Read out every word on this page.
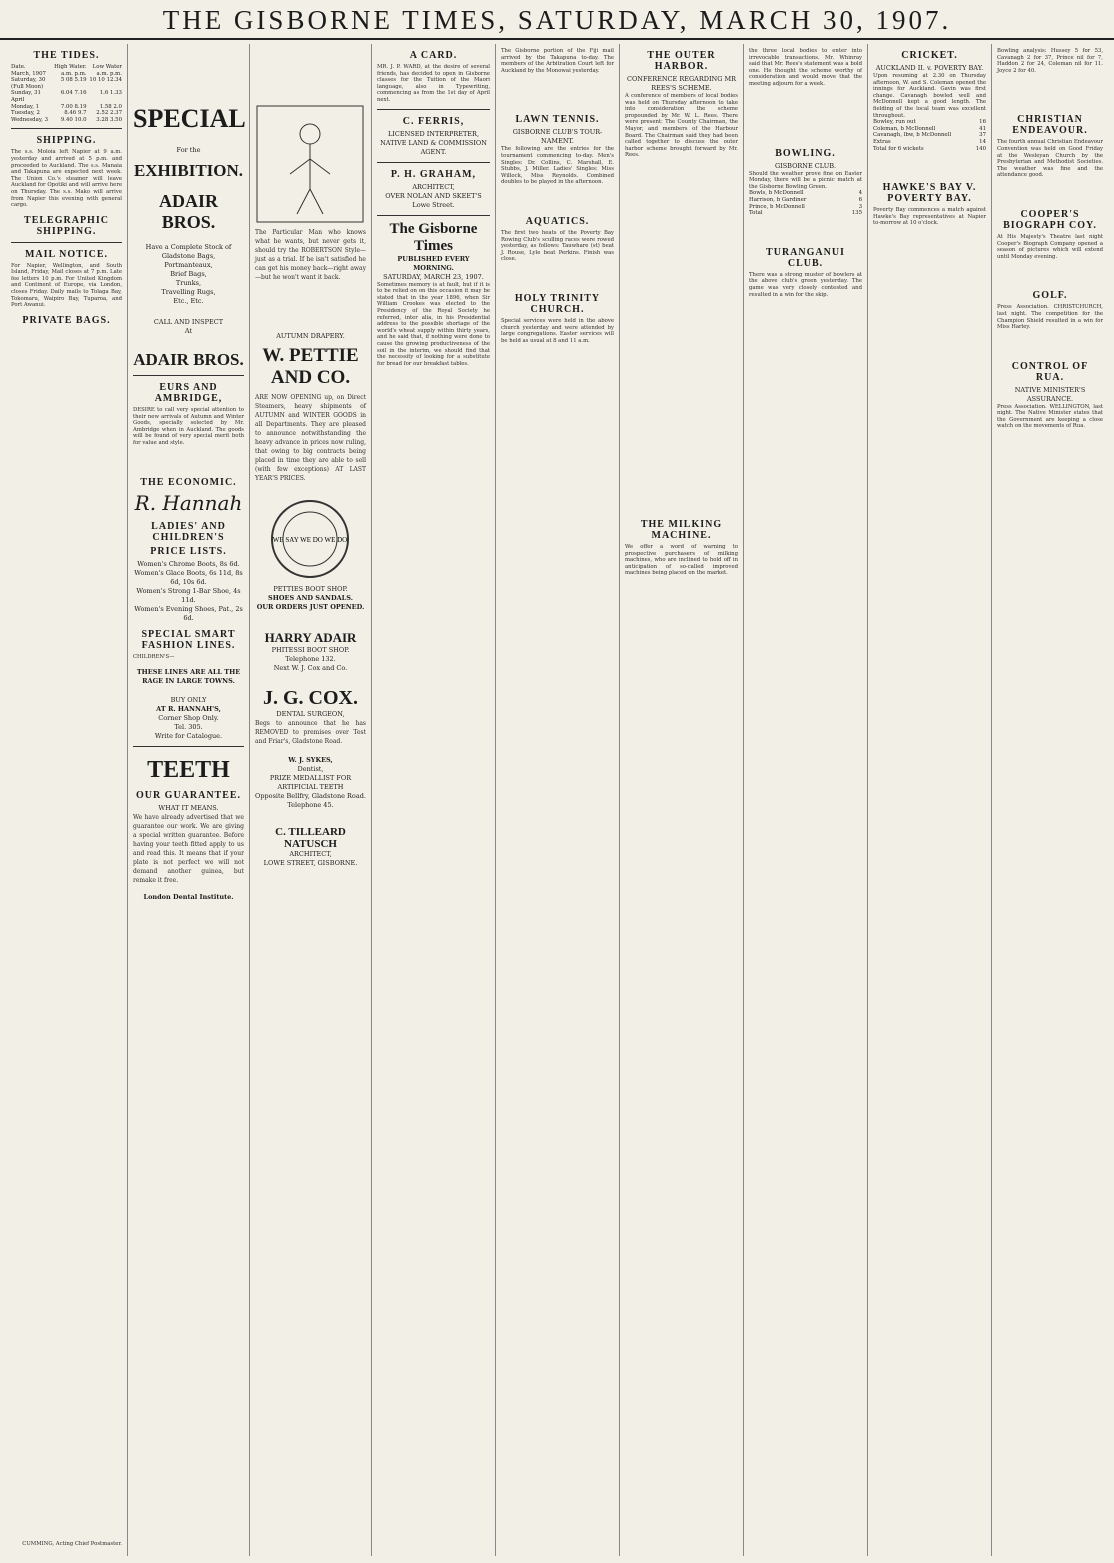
THE GISBORNE TIMES, SATURDAY, MARCH 30, 1907.
THE TIDES.
Date.	High Water.	Low Water
March, 1907	a.m. p.m.	a.m. p.m.
Saturday, 30	5 08 5.19	10 10 12.34
(Full Moon)		
Sunday, 31	6.04 7.16	1.6 1.33
April		
Monday, 1	7.00 8.19	1.58 2.0
Tuesday, 2	8.46 9.7	2.52 2.37
Wednesday, 3	9.40 10.0	3.28 3.50
SHIPPING.
The s.s. Moloia left Napier at 9 a.m. yesterday and arrived at 5 p.m. and proceeded to Auckland. The s.s. Manaia and Takapuna are expected next week. The Union Co.'s steamer will leave Auckland for Opotiki and will arrive here on Thursday. The s.s. Mako will arrive from Napier this evening with general cargo.
TELEGRAPHIC SHIPPING.
MAIL NOTICE.
For Napier, Wellington, and South Island, Friday, Mail closes at 7 p.m. Late fee letters 10 p.m. For United Kingdom and Continent of Europe, via London, closes Friday. Daily mails to Tolaga Bay, Tokomaru, Waipiro Bay, Tuparoa, and Port Awanui.
PRIVATE BAGS.
CUMMING, Acting Chief Postmaster.
SPECIAL
For the
EXHIBITION.
ADAIR BROS.
Have a Complete Stock of
Gladstone Bags,
Portmanteaux,
Brief Bags,
Trunks,
Travelling Rugs,
Etc., Etc.
CALL AND INSPECT
At
ADAIR BROS.
EURS AND AMBRIDGE,
DESIRE to call very special attention to their new arrivals of Autumn and Winter Goods, specially selected by Mr. Ambridge when in Auckland. The goods will be found of very special merit both for value and style.
THE ECONOMIC.
R. Hannah
LADIES' AND CHILDREN'S
PRICE LISTS.
Women's Chrome Boots, 8s 6d.
Women's Glace Boots, 6s 11d, 8s 6d, 10s 6d.
Women's Strong 1-Bar Shoe, 4s 11d.
Women's Evening Shoes, Pat., 2s 6d.
SPECIAL SMART FASHION LINES.
CHILDREN'S—
THESE LINES ARE ALL THE RAGE IN LARGE TOWNS.
BUY ONLY
AT R. HANNAH'S,
Corner Shop Only.
Tel. 305.
Write for Catalogue.
TEETH
OUR GUARANTEE.
WHAT IT MEANS.
We have already advertised that we guarantee our work. We are giving a special written guarantee. Before having your teeth fitted apply to us and read this. It means that if your plate is not perfect we will not demand another guinea, but remake it free.
London Dental Institute.
The Particular Man who knows what he wants, but never gets it, should try the ROBERTSON Style—just as a trial. If he isn't satisfied he can get his money back—right away—but he won't want it back.
AUTUMN DRAPERY.
W. PETTIE AND CO.
ARE NOW OPENING up, on Direct Steamers, heavy shipments of AUTUMN and WINTER GOODS in all Departments. They are pleased to announce notwithstanding the heavy advance in prices now ruling, that owing to big contracts being placed in time they are able to sell (with few exceptions) AT LAST YEAR'S PRICES.
WE SAY WE DO WE DO
PETTIES BOOT SHOP.
SHOES AND SANDALS.
OUR ORDERS JUST OPENED.
HARRY ADAIR
PHITESSI BOOT SHOP.
Telephone 132.
Next W. J. Cox and Co.
J. G. COX.
DENTAL SURGEON,
Begs to announce that he has REMOVED to premises over Test and Friar's, Gladstone Road.
W. J. SYKES,
Dentist,
PRIZE MEDALLIST FOR ARTIFICIAL TEETH
Opposite Bellfry, Gladstone Road. Telephone 45.
C. TILLEARD NATUSCH
ARCHITECT,
LOWE STREET, GISBORNE.
A CARD.
MR. J. P. WARD, at the desire of several friends, has decided to open in Gisborne classes for the Tuition of the Maori language, also in Typewriting, commencing as from the 1st day of April next.
C. FERRIS,
LICENSED INTERPRETER,
NATIVE LAND & COMMISSION AGENT.
P. H. GRAHAM,
ARCHITECT,
OVER NOLAN AND SKEET'S
Lowe Street.
The Gisborne Times
PUBLISHED EVERY MORNING.
SATURDAY, MARCH 23, 1907.
Sometimes memory is at fault, but if it is to be relied on on this occasion it may be stated that in the year 1896, when Sir William Crookes was elected to the Presidency of the Royal Society he referred, inter alia, in his Presidential address to the possible shortage of the world's wheat supply within thirty years, and he said that, if nothing were done to cause the growing productiveness of the soil in the interim, we should find that the necessity of looking for a substitute for bread for our breakfast tables.
The Gisborne portion of the Fiji mail arrived by the Takapuna to-day. The members of the Arbitration Court left for Auckland by the Monowai yesterday.
LAWN TENNIS.
GISBORNE CLUB'S TOUR- NAMENT.
The following are the entries for the tournament commencing to-day. Men's Singles: Dr. Collins, C. Marshall, E. Stubbs, J. Miller. Ladies' Singles: Miss Willock, Miss Reynolds. Combined doubles to be played in the afternoon.
AQUATICS.
The first two heats of the Poverty Bay Rowing Club's sculling races were rowed yesterday, as follows: Tauwhare (st) beat J. Rouse, Lyle beat Perkins. Finish was close.
HOLY TRINITY CHURCH.
Special services were held in the above church yesterday and were attended by large congregations. Easter services will be held as usual at 8 and 11 a.m.
THE OUTER HARBOR.
CONFERENCE REGARDING MR REES'S SCHEME.
A conference of members of local bodies was held on Thursday afternoon to take into consideration the scheme propounded by Mr. W. L. Rees. There were present: The County Chairman, the Mayor, and members of the Harbour Board. The Chairman said they had been called together to discuss the outer harbor scheme brought forward by Mr. Rees.
THE MILKING MACHINE.
We offer a word of warning to prospective purchasers of milking machines, who are inclined to hold off in anticipation of so-called improved machines being placed on the market.
the three local bodies to enter into irrevocable transactions. Mr. Whinray said that Mr. Rees's statement was a bold one. He thought the scheme worthy of consideration and would move that the meeting adjourn for a week.
BOWLING.
GISBORNE CLUB.
Should the weather prove fine on Easter Monday, there will be a picnic match at the Gisborne Bowling Green.
Bowls, b McDonnell	4
Harrison, b Gardiner	6
Prince, b McDonnell	3
Total	135
TURANGANUI CLUB.
There was a strong muster of bowlers at the above club's green yesterday. The game was very closely contested and resulted in a win for the skip.
CRICKET.
AUCKLAND II. v. POVERTY BAY.
Upon resuming at 2.30 on Thursday afternoon, W. and S. Coleman opened the innings for Auckland. Gavin was first change. Cavanagh bowled well and McDonnell kept a good length. The fielding of the local team was excellent throughout.
Bowley, run out	16
Coleman, b McDonnell	41
Cavanagh, lbw, b McDonnell	37
Extras	14
Total for 6 wickets	140
HAWKE'S BAY V. POVERTY BAY.
Poverty Bay commences a match against Hawke's Bay representatives at Napier to-morrow at 10 o'clock.
Bowling analysis: Hussey 5 for 53, Cavanagh 2 for 37, Prince nil for 7, Haddon 2 for 24, Coleman nil for 11. Joyce 2 for 40.
CHRISTIAN ENDEAVOUR.
The fourth annual Christian Endeavour Convention was held on Good Friday at the Wesleyan Church by the Presbyterian and Methodist Societies. The weather was fine and the attendance good.
COOPER'S BIOGRAPH COY.
At His Majesty's Theatre last night Cooper's Biograph Company opened a season of pictures which will extend until Monday evening.
GOLF.
Press Association. CHRISTCHURCH, last night. The competition for the Champion Shield resulted in a win for Miss Harley.
CONTROL OF RUA.
NATIVE MINISTER'S ASSURANCE.
Press Association. WELLINGTON, last night. The Native Minister states that the Government are keeping a close watch on the movements of Rua.
